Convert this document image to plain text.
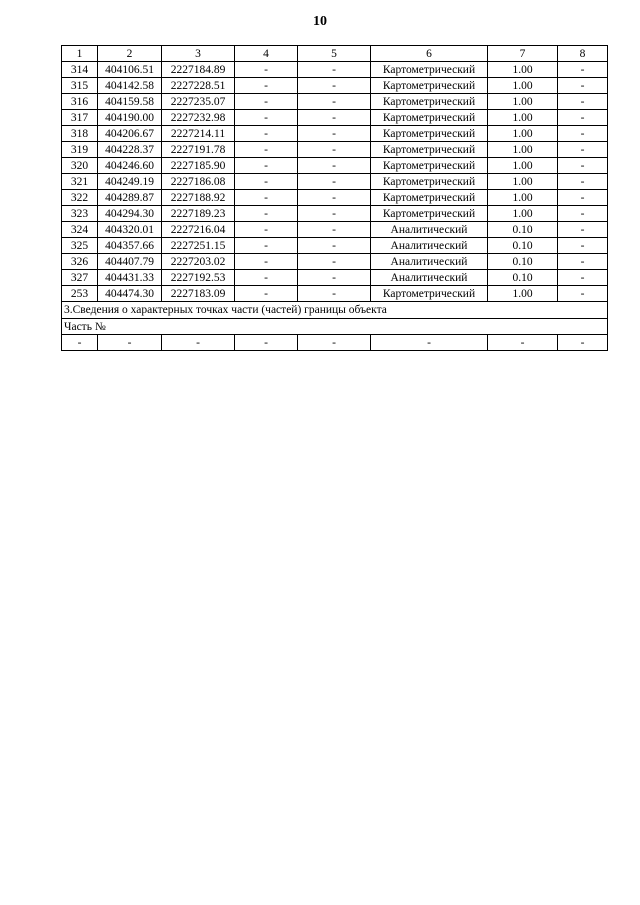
10
1	2	3	4	5	6	7	8
314	404106.51	2227184.89	-	-	Картометрический	1.00	-
315	404142.58	2227228.51	-	-	Картометрический	1.00	-
316	404159.58	2227235.07	-	-	Картометрический	1.00	-
317	404190.00	2227232.98	-	-	Картометрический	1.00	-
318	404206.67	2227214.11	-	-	Картометрический	1.00	-
319	404228.37	2227191.78	-	-	Картометрический	1.00	-
320	404246.60	2227185.90	-	-	Картометрический	1.00	-
321	404249.19	2227186.08	-	-	Картометрический	1.00	-
322	404289.87	2227188.92	-	-	Картометрический	1.00	-
323	404294.30	2227189.23	-	-	Картометрический	1.00	-
324	404320.01	2227216.04	-	-	Аналитический	0.10	-
325	404357.66	2227251.15	-	-	Аналитический	0.10	-
326	404407.79	2227203.02	-	-	Аналитический	0.10	-
327	404431.33	2227192.53	-	-	Аналитический	0.10	-
253	404474.30	2227183.09	-	-	Картометрический	1.00	-
3.Сведения о характерных точках части (частей) границы объекта							
Часть №							
-	-	-	-	-	-	-	-
